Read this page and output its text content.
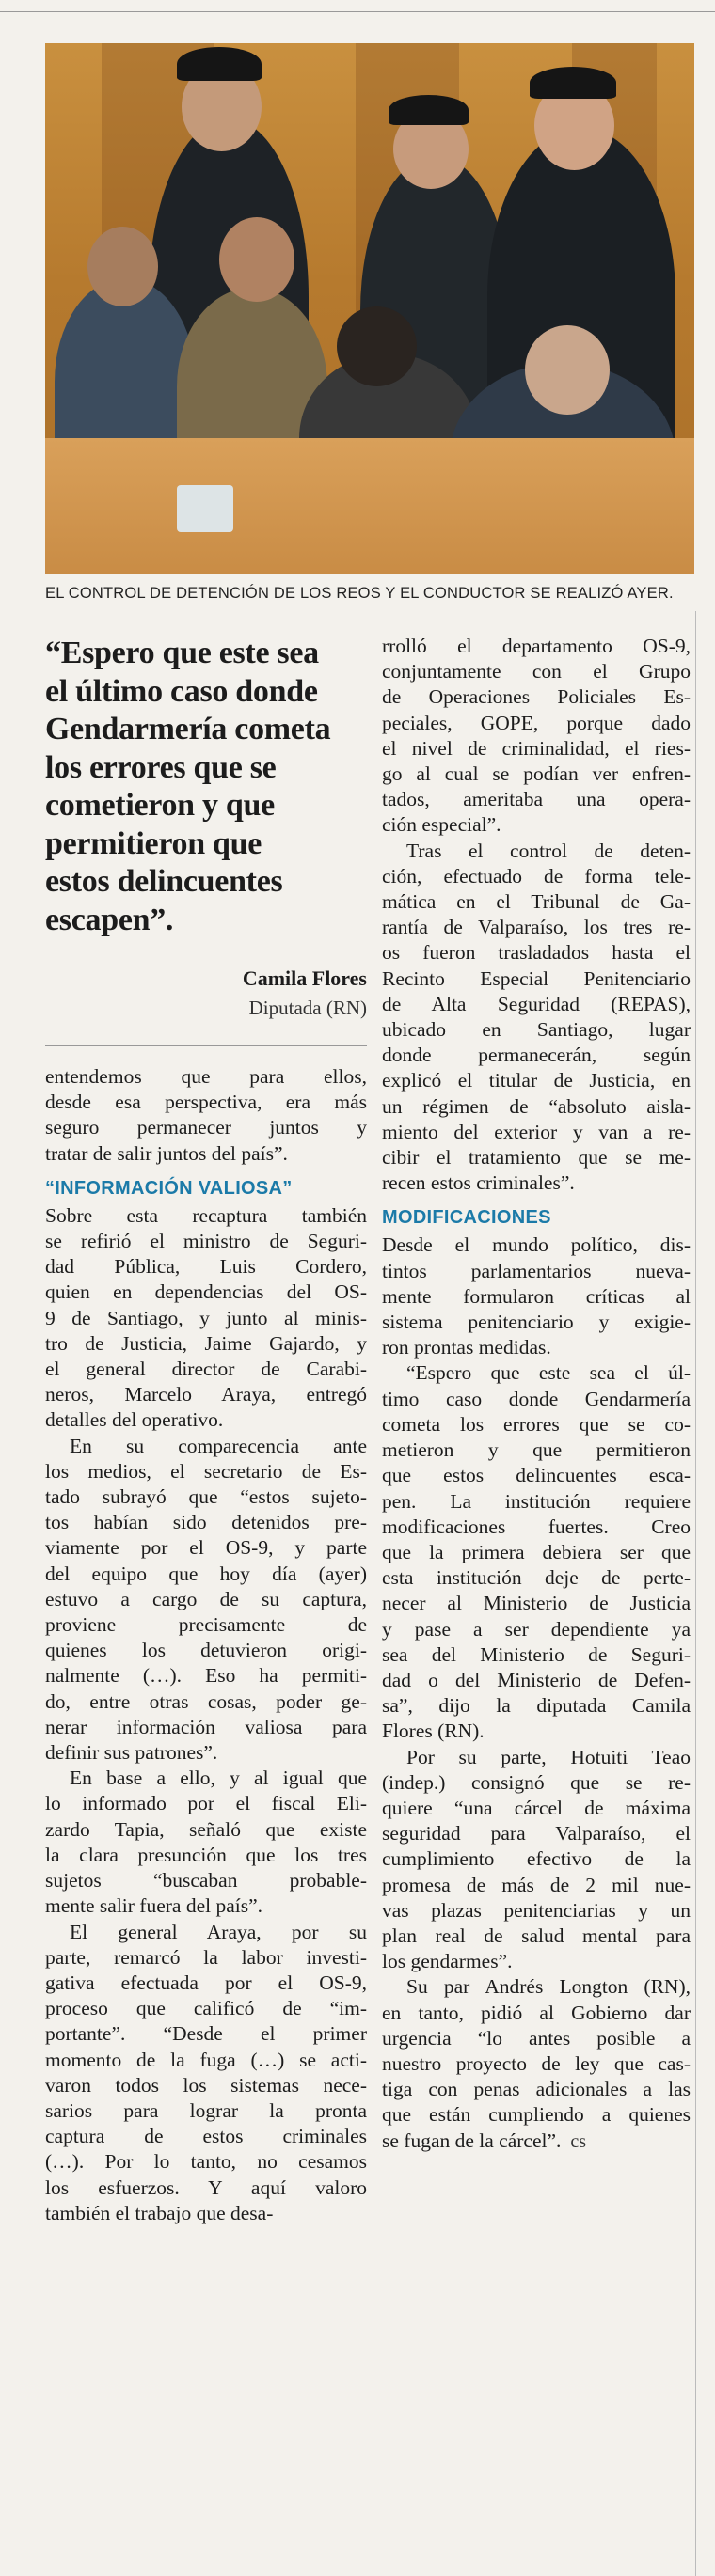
EL CONTROL DE DETENCIÓN DE LOS REOS Y EL CONDUCTOR SE REALIZÓ AYER.
“Espero que este sea
el último caso donde
Gendarmería cometa
los errores que se
cometieron y que
permitieron que
estos delincuentes
escapen”.
Camila Flores
Diputada (RN)

entendemos que para ellos,
desde esa perspectiva, era más
seguro permanecer juntos y
tratar de salir juntos del país”.

“INFORMACIÓN VALIOSA”

Sobre esta recaptura también
se refirió el ministro de Seguri-
dad Pública, Luis Cordero,
quien en dependencias del OS-
9 de Santiago, y junto al minis-
tro de Justicia, Jaime Gajardo, y
el general director de Carabi-
neros, Marcelo Araya, entregó
detalles del operativo.

En su comparecencia ante
los medios, el secretario de Es-
tado subrayó que “estos sujeto-
tos habían sido detenidos pre-
viamente por el OS-9, y parte
del equipo que hoy día (ayer)
estuvo a cargo de su captura,
proviene precisamente de
quienes los detuvieron origi-
nalmente (…). Eso ha permiti-
do, entre otras cosas, poder ge-
nerar información valiosa para
definir sus patrones”.

En base a ello, y al igual que
lo informado por el fiscal Eli-
zardo Tapia, señaló que existe
la clara presunción que los tres
sujetos “buscaban probable-
mente salir fuera del país”.

El general Araya, por su
parte, remarcó la labor investi-
gativa efectuada por el OS-9,
proceso que calificó de “im-
portante”. “Desde el primer
momento de la fuga (…) se acti-
varon todos los sistemas nece-
sarios para lograr la pronta
captura de estos criminales
(…). Por lo tanto, no cesamos
los esfuerzos. Y aquí valoro
también el trabajo que desa-

rrolló el departamento OS-9,
conjuntamente con el Grupo
de Operaciones Policiales Es-
peciales, GOPE, porque dado
el nivel de criminalidad, el ries-
go al cual se podían ver enfren-
tados, ameritaba una opera-
ción especial”.

Tras el control de deten-
ción, efectuado de forma tele-
mática en el Tribunal de Ga-
rantía de Valparaíso, los tres re-
os fueron trasladados hasta el
Recinto Especial Penitenciario
de Alta Seguridad (REPAS),
ubicado en Santiago, lugar
donde permanecerán, según
explicó el titular de Justicia, en
un régimen de “absoluto aisla-
miento del exterior y van a re-
cibir el tratamiento que se me-
recen estos criminales”.

MODIFICACIONES

Desde el mundo político, dis-
tintos parlamentarios nueva-
mente formularon críticas al
sistema penitenciario y exigie-
ron prontas medidas.

“Espero que este sea el úl-
timo caso donde Gendarmería
cometa los errores que se co-
metieron y que permitieron
que estos delincuentes esca-
pen. La institución requiere
modificaciones fuertes. Creo
que la primera debiera ser que
esta institución deje de perte-
necer al Ministerio de Justicia
y pase a ser dependiente ya
sea del Ministerio de Seguri-
dad o del Ministerio de Defen-
sa”, dijo la diputada Camila
Flores (RN).

Por su parte, Hotuiti Teao
(indep.) consignó que se re-
quiere “una cárcel de máxima
seguridad para Valparaíso, el
cumplimiento efectivo de la
promesa de más de 2 mil nue-
vas plazas penitenciarias y un
plan real de salud mental para
los gendarmes”.

Su par Andrés Longton (RN),
en tanto, pidió al Gobierno dar
urgencia “lo antes posible a
nuestro proyecto de ley que cas-
tiga con penas adicionales a las
que están cumpliendo a quienes
se fugan de la cárcel”. cs
